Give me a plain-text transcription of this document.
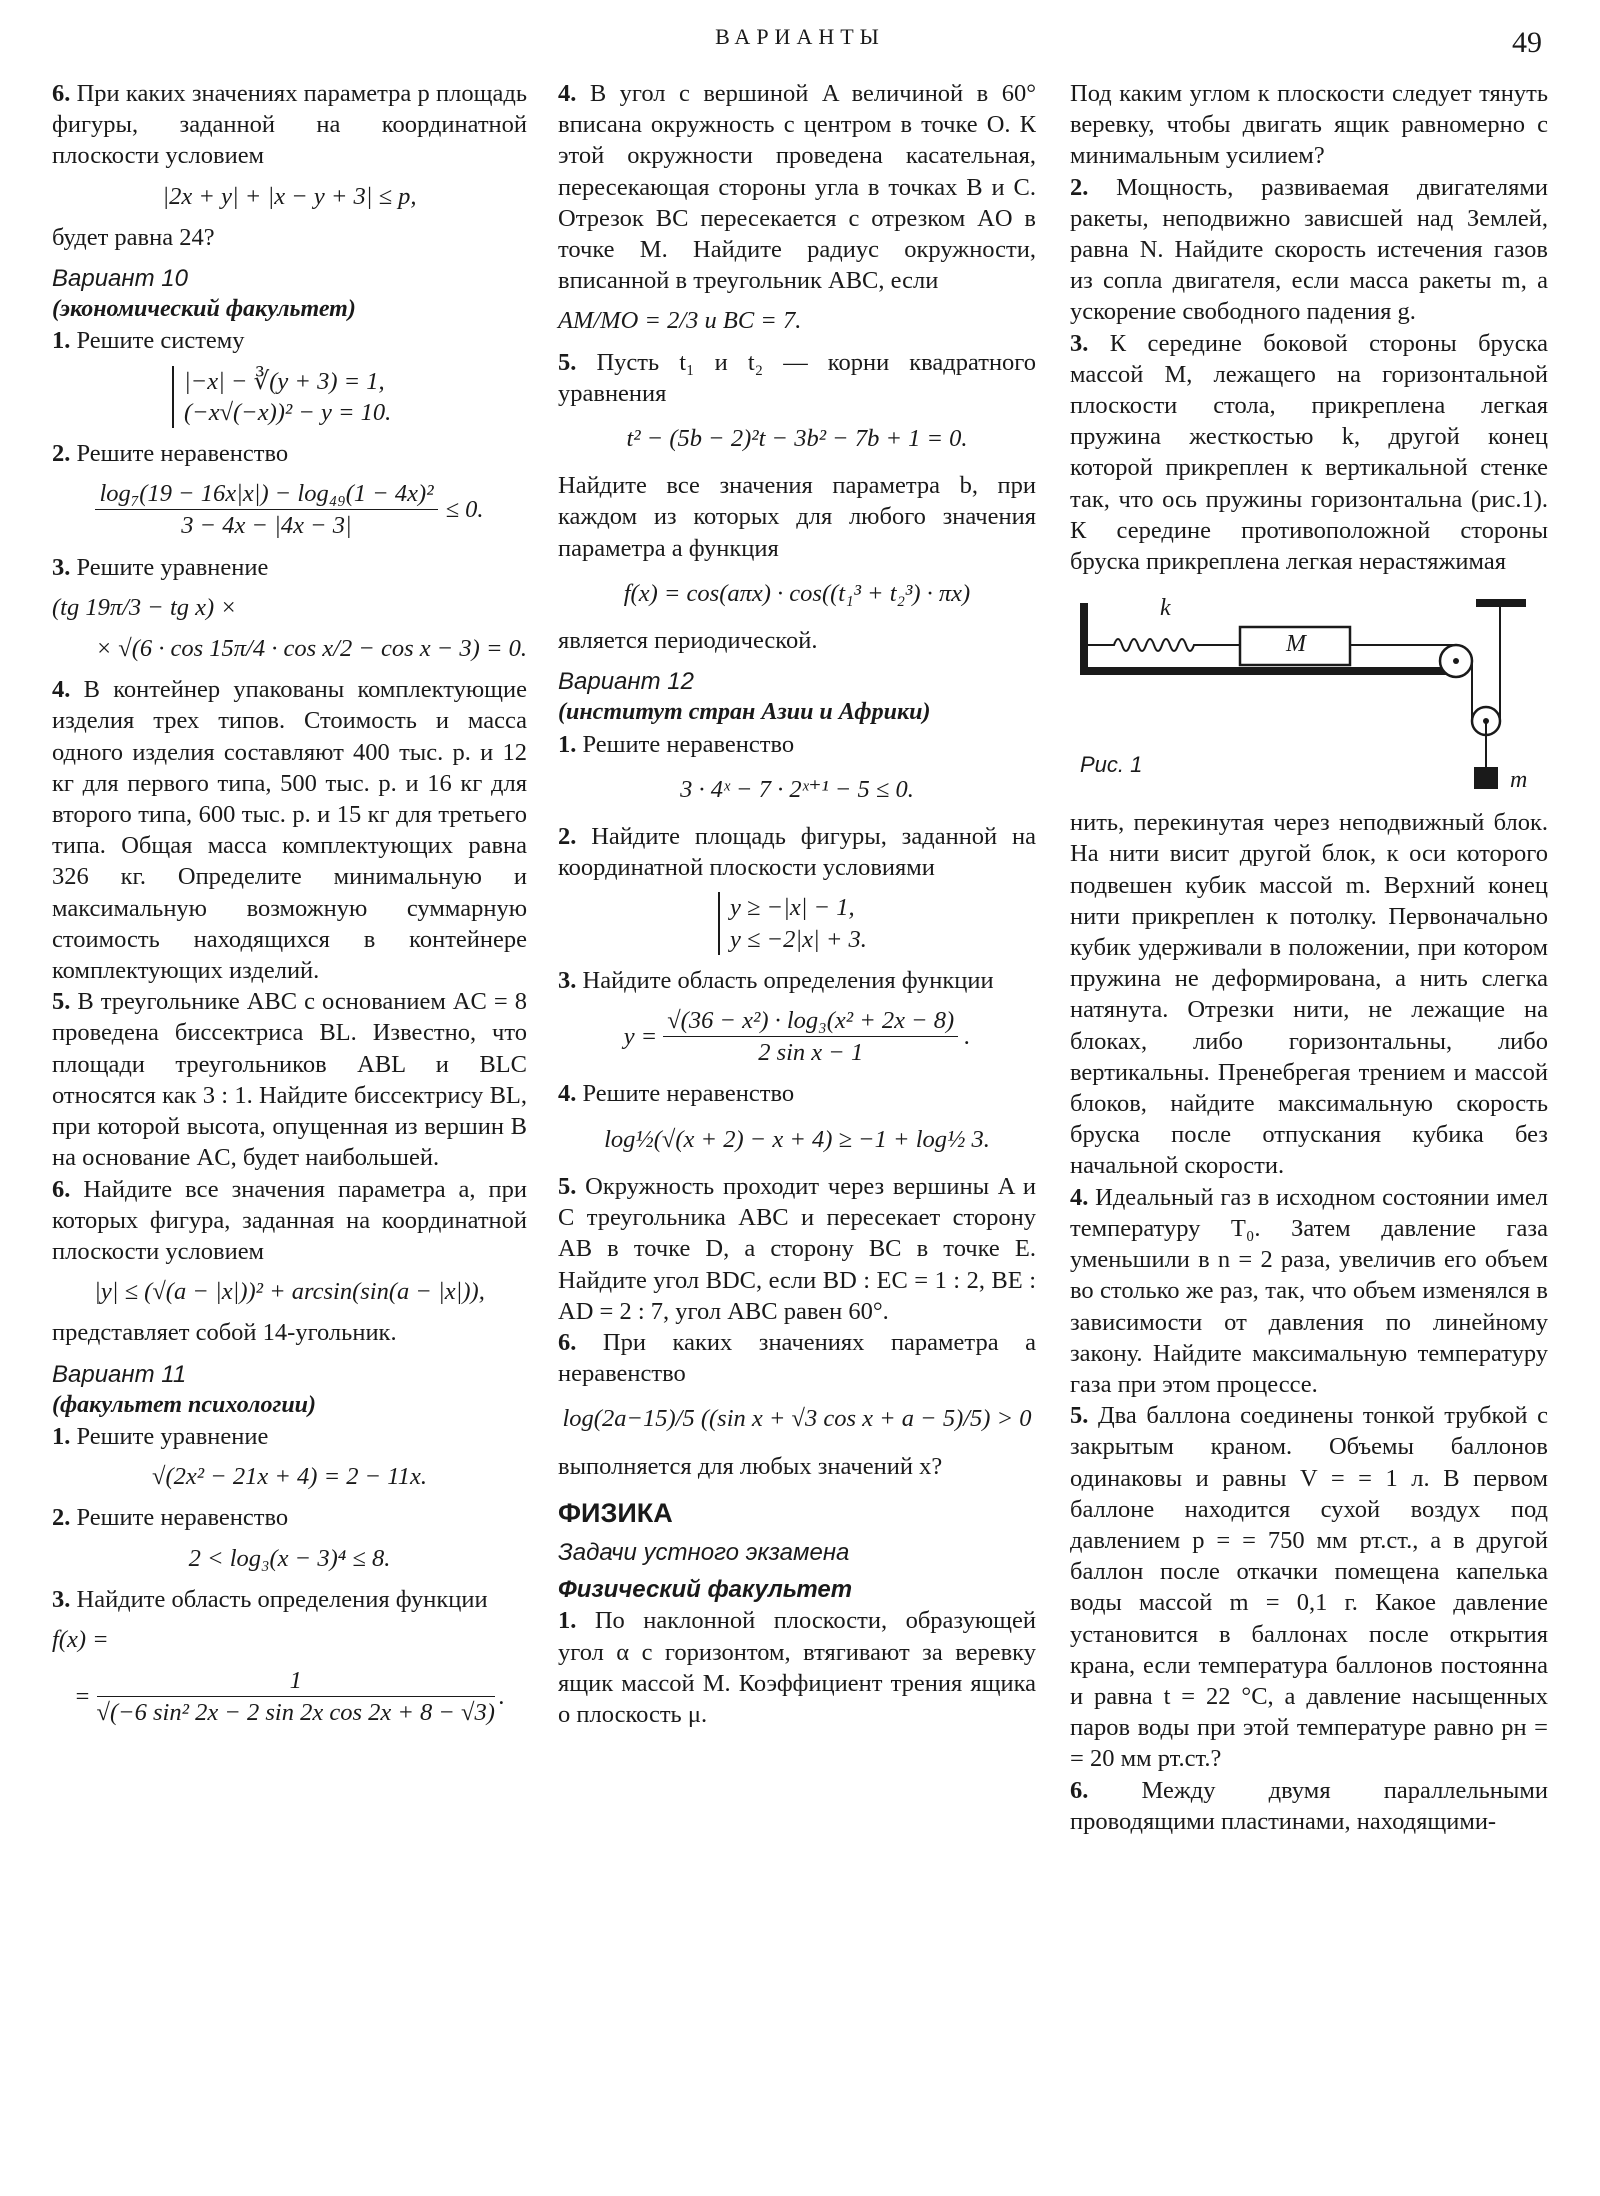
ВАРИАНТЫ	49

6. При каких значениях параметра p площадь фигуры, заданной на координатной плоскости условием

|2x + y| + |x − y + 3| ≤ p,

будет равна 24?

Вариант 10
(экономический факультет)

1. Решите систему

|−x| − ∛(y + 3) = 1,
(−x√(−x))² − y = 10.

2. Решите неравенство

$\frac{\text{log₇(19 − 16x|x|) − log₄₉(1 − 4x)²}}{3 - 4x - |4x - 3|} \le 0$.

3. Решите уравнение

(tg 19π/3 − tg x) ×
× √(6 · cos 15π/4 · cos x/2 − cos x − 3) = 0.

4. В контейнер упакованы комплектующие изделия трех типов. Стоимость и масса одного изделия составляют 400 тыс. р. и 12 кг для первого типа, 500 тыс. р. и 16 кг для второго типа, 600 тыс. р. и 15 кг для третьего типа. Общая масса комплектующих равна 326 кг. Определите минимальную и максимальную возможную суммарную стоимость находящихся в контейнере комплектующих изделий.

5. В треугольнике ABC с основанием AC = 8 проведена биссектриса BL. Известно, что площади треугольников ABL и BLC относятся как 3 : 1. Найдите биссектрису BL, при которой высота, опущенная из вершин B на основание AC, будет наибольшей.

6. Найдите все значения параметра a, при которых фигура, заданная на координатной плоскости условием

|y| ≤ (√(a − |x|))² + arcsin(sin(a − |x|)),

представляет собой 14-угольник.

Вариант 11
(факультет психологии)

1. Решите уравнение

√(2x² − 21x + 4) = 2 − 11x.

2. Решите неравенство

2 < log₃(x − 3)⁴ ≤ 8.

3. Найдите область определения функции

f(x) =
= $\frac{1}{\text{√(−6 sin² 2x − 2 sin 2x cos 2x + 8 − √3)}}$ .

4. В угол с вершиной A величиной в 60° вписана окружность с центром в точке O. К этой окружности проведена касательная, пересекающая стороны угла в точках B и C. Отрезок BC пересекается с отрезком AO в точке M. Найдите радиус окружности, вписанной в треугольник ABC, если

AM/MO = 2/3 и BC = 7.

5. Пусть t₁ и t₂ — корни квадратного уравнения

t² − (5b − 2)²t − 3b² − 7b + 1 = 0.

Найдите все значения параметра b, при каждом из которых для любого значения параметра a функция

f(x) = cos(aπx) · cos((t₁³ + t₂³) · πx)

является периодической.

Вариант 12
(институт стран Азии и Африки)

1. Решите неравенство

3 · 4ˣ − 7 · 2ˣ⁺¹ − 5 ≤ 0.

2. Найдите площадь фигуры, заданной на координатной плоскости условиями

y ≥ −|x| − 1,
y ≤ −2|x| + 3.

3. Найдите область определения функции

$y = \frac{\text{√(36 − x²) · log₃(x² + 2x − 8)}}{\text{2 sin x − 1}}$ .

4. Решите неравенство

log½(√(x + 2) − x + 4) ≥ −1 + log½ 3.

5. Окружность проходит через вершины A и C треугольника ABC и пересекает сторону AB в точке D, а сторону BC в точке E. Найдите угол BDC, если BD : EC = 1 : 2, BE : AD = 2 : 7, угол ABC равен 60°.

6. При каких значениях параметра a неравенство

log(2a−15)/5 ((sin x + √3 cos x + a − 5)/5) > 0

выполняется для любых значений x?

ФИЗИКА
Задачи устного экзамена
Физический факультет

1. По наклонной плоскости, образующей угол α с горизонтом, втягивают за веревку ящик массой M. Коэффициент трения ящика о плоскость μ.

Под каким углом к плоскости следует тянуть веревку, чтобы двигать ящик равномерно с минимальным усилием?

2. Мощность, развиваемая двигателями ракеты, неподвижно зависшей над Землей, равна N. Найдите скорость истечения газов из сопла двигателя, если масса ракеты m, а ускорение свободного падения g.

3. К середине боковой стороны бруска массой M, лежащего на горизонтальной плоскости стола, прикреплена легкая пружина жесткостью k, другой конец которой прикреплен к вертикальной стенке так, что ось пружины горизонтальна (рис.1). К середине противоположной стороны бруска прикреплена легкая нерастяжимая

k
M
m
Рис. 1

нить, перекинутая через неподвижный блок. На нити висит другой блок, к оси которого подвешен кубик массой m. Верхний конец нити прикреплен к потолку. Первоначально кубик удерживали в положении, при котором пружина не деформирована, а нить слегка натянута. Отрезки нити, не лежащие на блоках, либо горизонтальны, либо вертикальны. Пренебрегая трением и массой блоков, найдите максимальную скорость бруска после отпускания кубика без начальной скорости.

4. Идеальный газ в исходном состоянии имел температуру T₀. Затем давление газа уменьшили в n = 2 раза, увеличив его объем во столько же раз, так, что объем изменялся в зависимости от давления по линейному закону. Найдите максимальную температуру газа при этом процессе.

5. Два баллона соединены тонкой трубкой с закрытым краном. Объемы баллонов одинаковы и равны V = = 1 л. В первом баллоне находится сухой воздух под давлением p = = 750 мм рт.ст., а в другой баллон после откачки помещена капелька воды массой m = 0,1 г. Какое давление установится в баллонах после открытия крана, если температура баллонов постоянна и равна t = 22 °C, а давление насыщенных паров воды при этой температуре равно pн = = 20 мм рт.ст.?

6. Между двумя параллельными проводящими пластинами, находящими-
